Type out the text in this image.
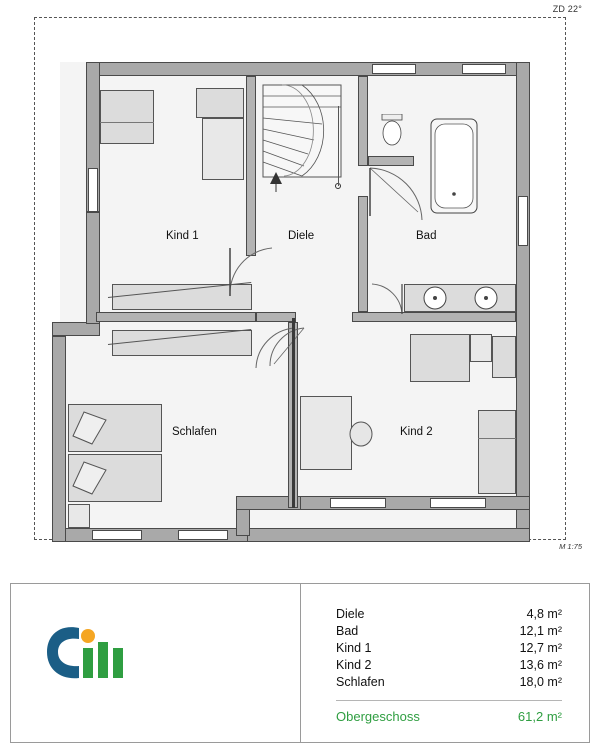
ZD 22°
M 1:75
Kind 1	Diele	Bad
Schlafen	Kind 2
Diele	4,8 m²
Bad	12,1 m²
Kind 1	12,7 m²
Kind 2	13,6 m²
Schlafen	18,0 m²
Obergeschoss	61,2 m²
